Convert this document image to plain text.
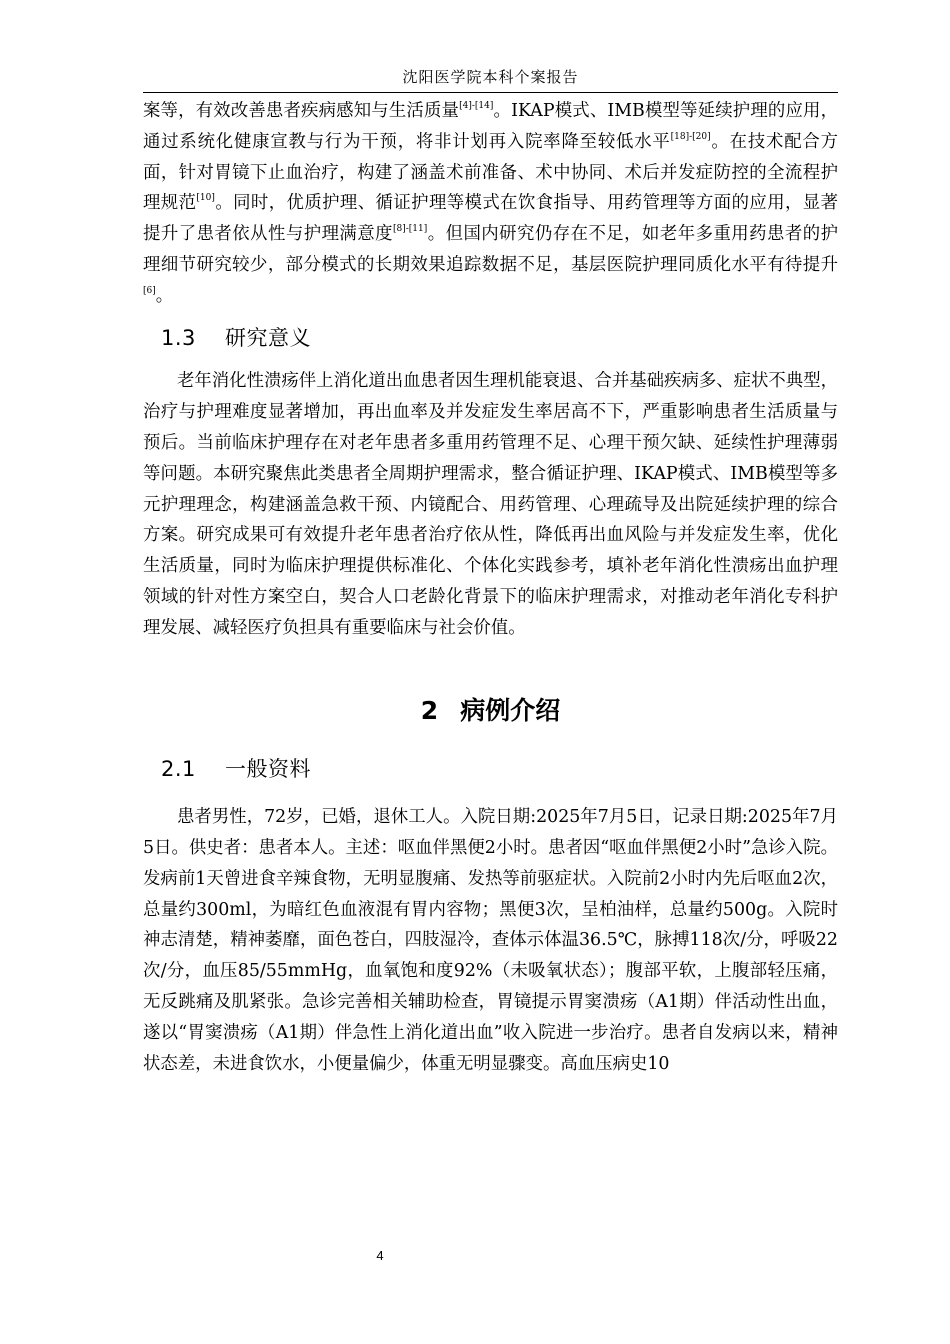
沈阳医学院本科个案报告

案等，有效改善患者疾病感知与生活质量[4]-[14]。IKAP模式、IMB模型等延续护理的应用，通过系统化健康宣教与行为干预，将非计划再入院率降至较低水平[18]-[20]。在技术配合方面，针对胃镜下止血治疗，构建了涵盖术前准备、术中协同、术后并发症防控的全流程护理规范[10]。同时，优质护理、循证护理等模式在饮食指导、用药管理等方面的应用，显著提升了患者依从性与护理满意度[8]-[11]。但国内研究仍存在不足，如老年多重用药患者的护理细节研究较少，部分模式的长期效果追踪数据不足，基层医院护理同质化水平有待提升[6]。

1.3 研究意义

老年消化性溃疡伴上消化道出血患者因生理机能衰退、合并基础疾病多、症状不典型，治疗与护理难度显著增加，再出血率及并发症发生率居高不下，严重影响患者生活质量与预后。当前临床护理存在对老年患者多重用药管理不足、心理干预欠缺、延续性护理薄弱等问题。本研究聚焦此类患者全周期护理需求，整合循证护理、IKAP模式、IMB模型等多元护理理念，构建涵盖急救干预、内镜配合、用药管理、心理疏导及出院延续护理的综合方案。研究成果可有效提升老年患者治疗依从性，降低再出血风险与并发症发生率，优化生活质量，同时为临床护理提供标准化、个体化实践参考，填补老年消化性溃疡出血护理领域的针对性方案空白，契合人口老龄化背景下的临床护理需求，对推动老年消化专科护理发展、减轻医疗负担具有重要临床与社会价值。

2 病例介绍
2.1 一般资料

患者男性，72岁，已婚，退休工人。入院日期:2025年7月5日，记录日期:2025年7月5日。供史者：患者本人。主述：呕血伴黑便2小时。患者因“呕血伴黑便2小时”急诊入院。发病前1天曾进食辛辣食物，无明显腹痛、发热等前驱症状。入院前2小时内先后呕血2次，总量约300ml，为暗红色血液混有胃内容物；黑便3次，呈柏油样，总量约500g。入院时神志清楚，精神萎靡，面色苍白，四肢湿冷，查体示体温36.5℃，脉搏118次/分，呼吸22次/分，血压85/55mmHg，血氧饱和度92%（未吸氧状态）；腹部平软，上腹部轻压痛，无反跳痛及肌紧张。急诊完善相关辅助检查，胃镜提示胃窦溃疡（A1期）伴活动性出血，遂以“胃窦溃疡（A1期）伴急性上消化道出血”收入院进一步治疗。患者自发病以来，精神状态差，未进食饮水，小便量偏少，体重无明显骤变。高血压病史10

4
